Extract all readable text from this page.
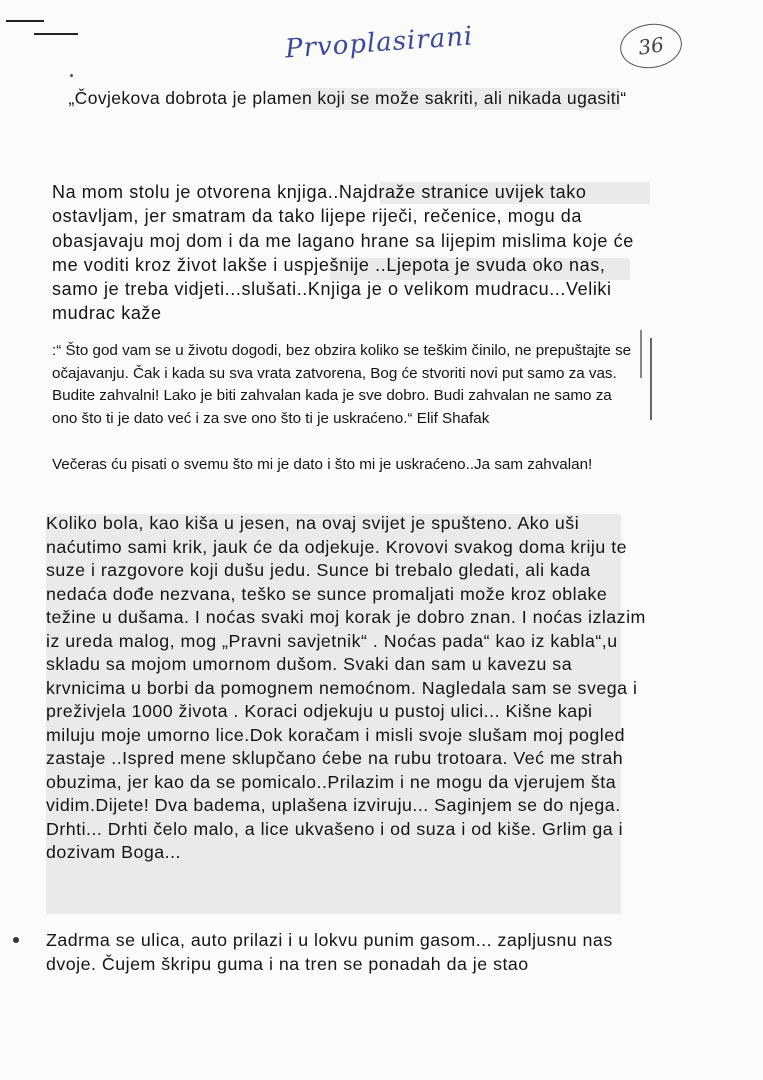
Prvoplasirani	36
„Čovjekova dobrota je plamen koji se može sakriti, ali nikada ugasiti“
Na mom stolu je otvorena knjiga..Najdraže stranice uvijek tako ostavljam, jer smatram da tako lijepe riječi, rečenice, mogu da obasjavaju moj dom i da me lagano hrane sa lijepim mislima koje će me voditi kroz život lakše i uspješnije ..Ljepota je svuda oko nas, samo je treba vidjeti...slušati..Knjiga je o velikom mudracu...Veliki mudrac kaže
:“ Što god vam se u životu dogodi, bez obzira koliko se teškim činilo, ne prepuštajte se očajavanju. Čak i kada su sva vrata zatvorena, Bog će stvoriti novi put samo za vas. Budite zahvalni! Lako je biti zahvalan kada je sve dobro. Budi zahvalan ne samo za ono što ti je dato već i za sve ono što ti je uskraćeno.“ Elif Shafak
Večeras ću pisati o svemu što mi je dato i što mi je uskraćeno..Ja sam zahvalan!
Koliko bola, kao kiša u jesen, na ovaj svijet je spušteno. Ako uši naćutimo sami krik, jauk će da odjekuje. Krovovi svakog doma kriju te suze i razgovore koji dušu jedu. Sunce bi trebalo gledati, ali kada nedaća dođe nezvana, teško se sunce promaljati može kroz oblake težine u dušama. I noćas svaki moj korak je dobro znan. I noćas izlazim iz ureda malog, mog „Pravni savjetnik“ . Noćas pada“ kao iz kabla“,u skladu sa mojom umornom dušom. Svaki dan sam u kavezu sa krvnicima u borbi da pomognem nemoćnom. Nagledala sam se svega i preživjela 1000 života . Koraci odjekuju u pustoj ulici... Kišne kapi miluju moje umorno lice.Dok koračam i misli svoje slušam moj pogled zastaje ..Ispred mene sklupčano ćebe na rubu trotoara. Već me strah obuzima, jer kao da se pomicalo..Prilazim i ne mogu da vjerujem šta vidim.Dijete! Dva badema, uplašena izviruju... Saginjem se do njega. Drhti... Drhti čelo malo, a lice ukvašeno i od suza i od kiše. Grlim ga i dozivam Boga...
Zadrma se ulica, auto prilazi i u lokvu punim gasom... zapljusnu nas dvoje. Čujem škripu guma i na tren se ponadah da je stao
